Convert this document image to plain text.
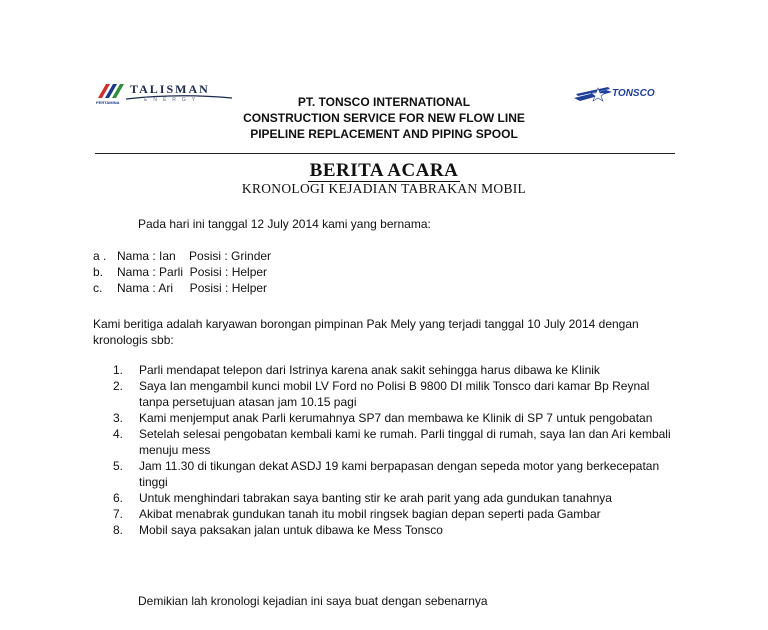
TALISMAN
ENERGY
PERTAMINA
TONSCO
PT. TONSCO INTERNATIONAL
CONSTRUCTION SERVICE FOR NEW FLOW LINE
PIPELINE REPLACEMENT AND PIPING SPOOL
BERITA ACARA
KRONOLOGI KEJADIAN TABRAKAN MOBIL
Pada hari ini tanggal 12 July 2014 kami yang bernama:
a . Nama : Ian    Posisi : Grinder
b. Nama : Parli  Posisi : Helper
c. Nama : Ari     Posisi : Helper
Kami beritiga adalah karyawan borongan pimpinan Pak Mely yang terjadi tanggal 10 July 2014 dengan kronologis sbb:
1. Parli mendapat telepon dari Istrinya karena anak sakit sehingga harus dibawa ke Klinik
2. Saya Ian mengambil kunci mobil LV Ford no Polisi B 9800 DI milik Tonsco dari kamar Bp Reynal tanpa persetujuan atasan jam 10.15 pagi
3. Kami menjemput anak Parli kerumahnya SP7 dan membawa ke Klinik di SP 7 untuk pengobatan
4. Setelah selesai pengobatan kembali kami ke rumah. Parli tinggal di rumah, saya Ian dan Ari kembali menuju mess
5. Jam 11.30 di tikungan dekat ASDJ 19 kami berpapasan dengan sepeda motor yang berkecepatan tinggi
6. Untuk menghindari tabrakan saya banting stir ke arah parit yang ada gundukan tanahnya
7. Akibat menabrak gundukan tanah itu mobil ringsek bagian depan seperti pada Gambar
8. Mobil saya paksakan jalan untuk dibawa ke Mess Tonsco
Demikian lah kronologi kejadian ini saya buat dengan sebenarnya
